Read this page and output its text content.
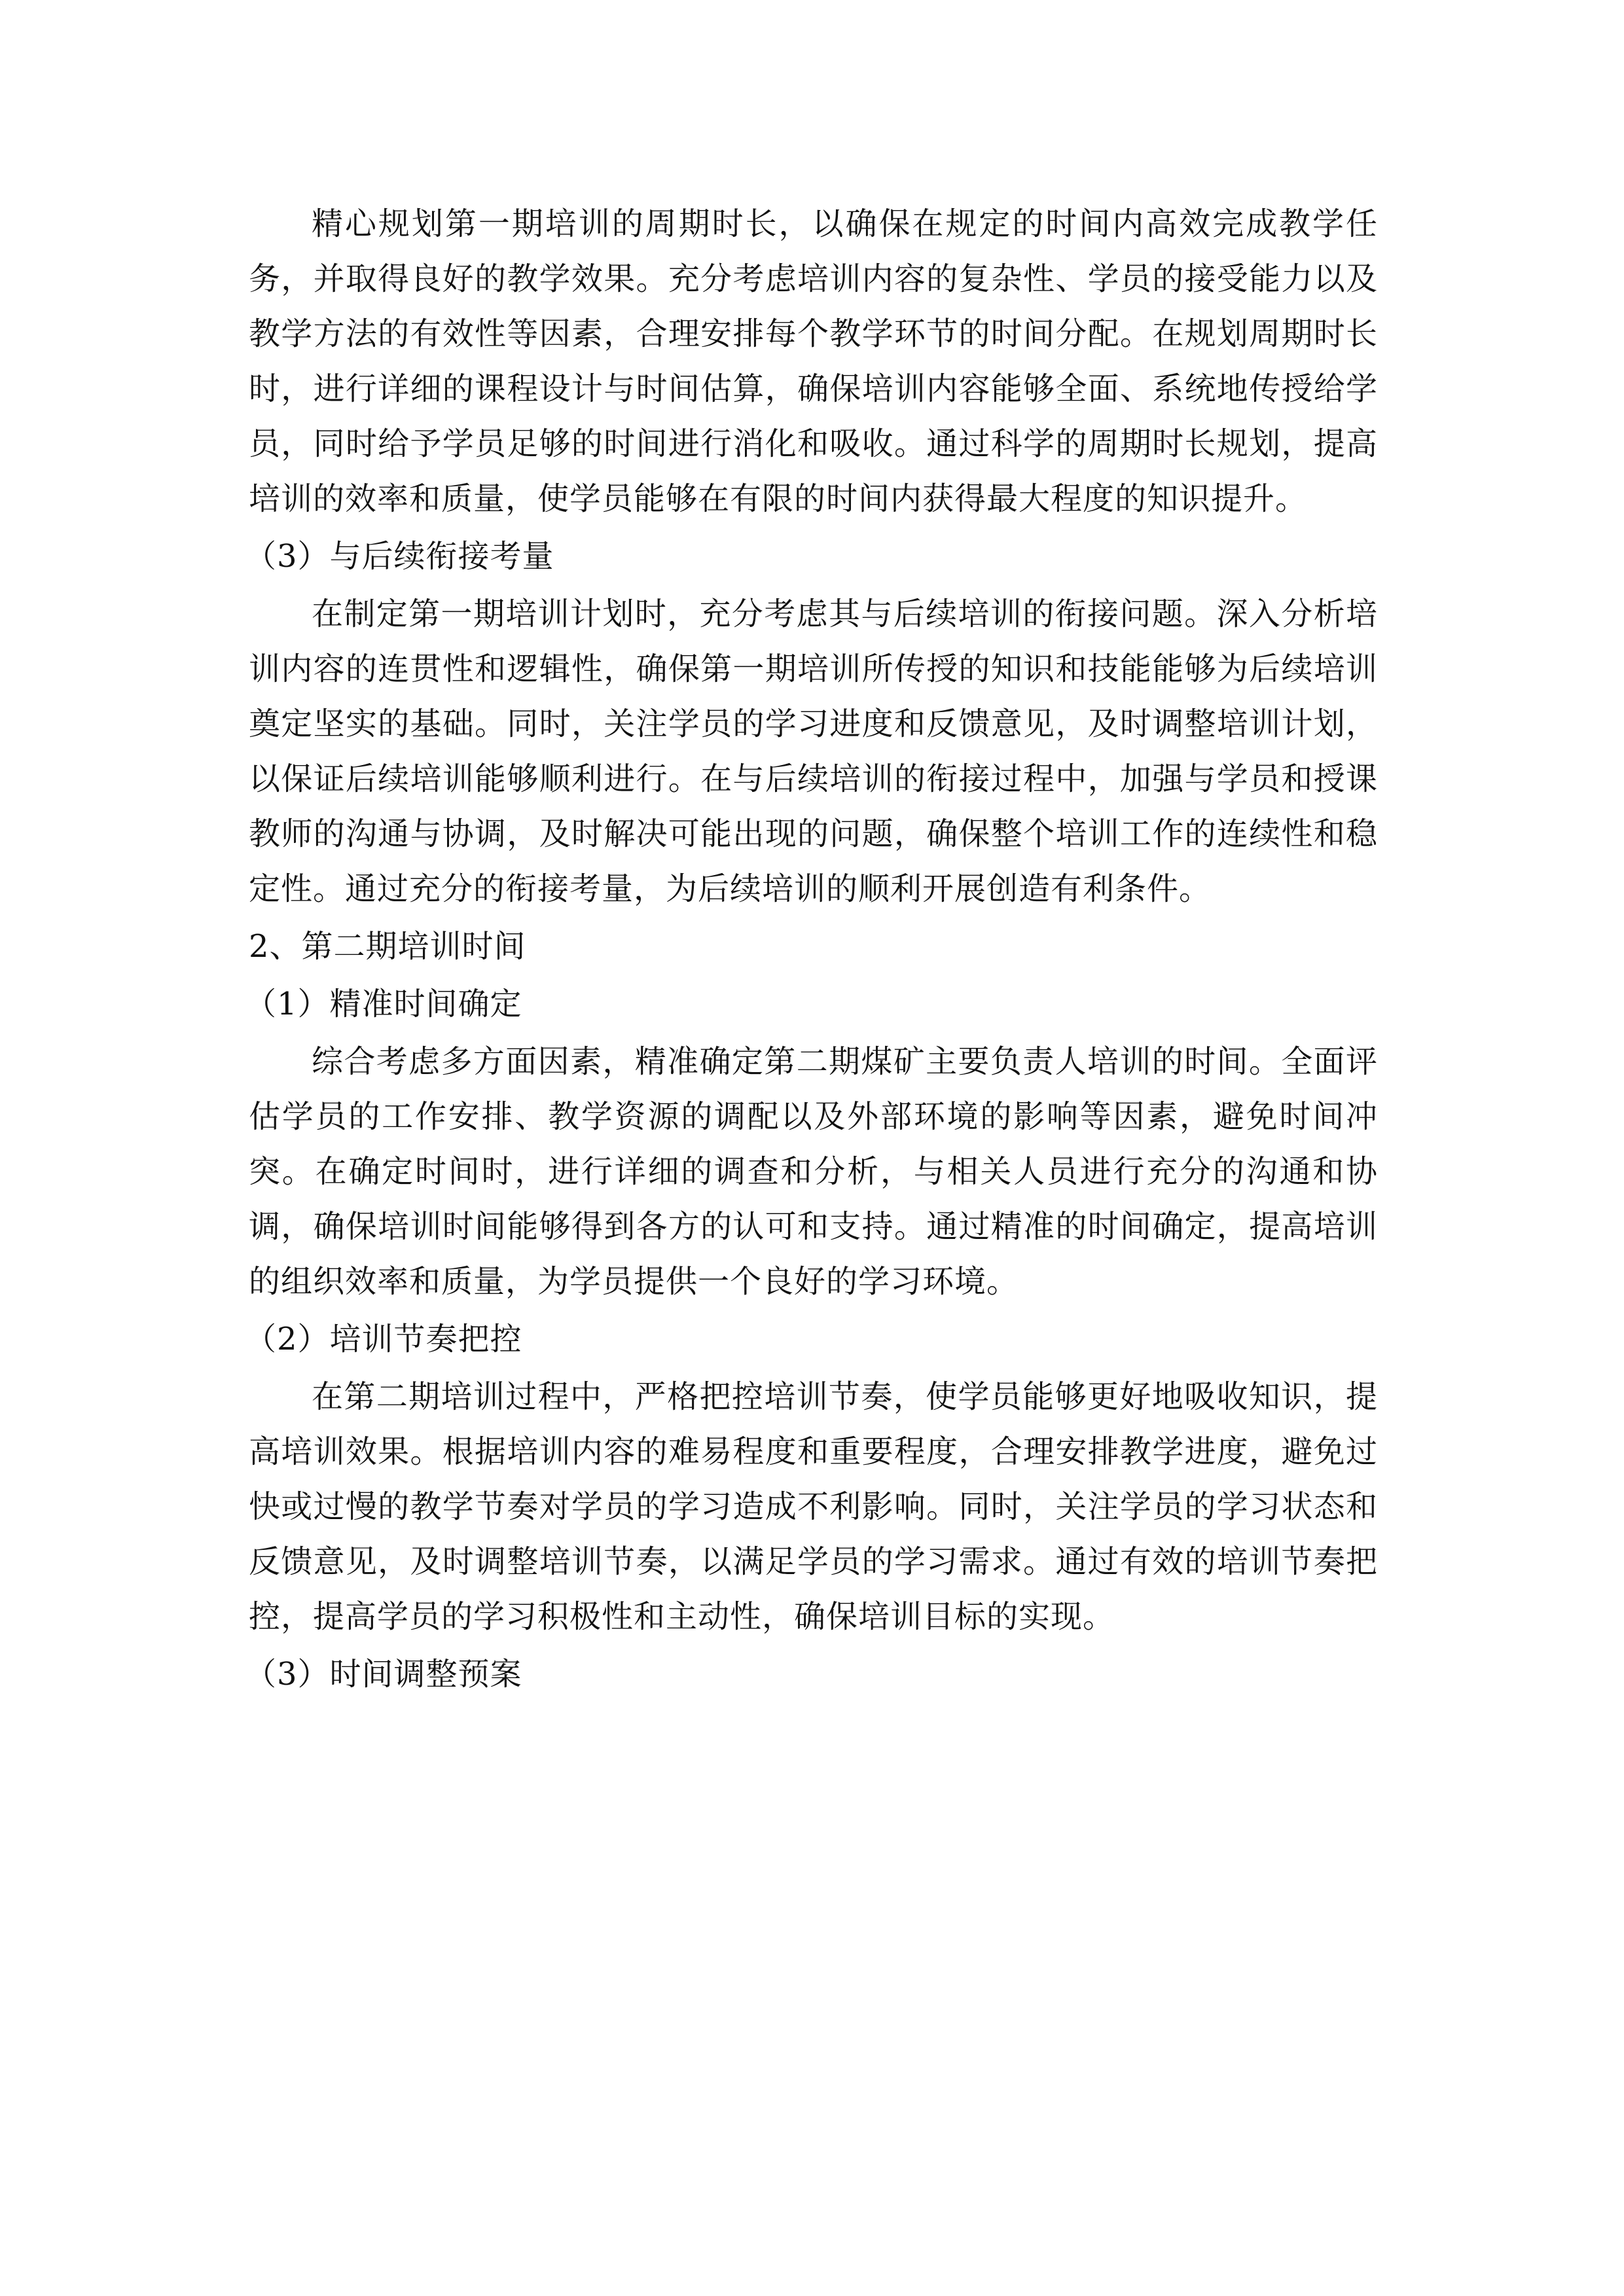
精心规划第一期培训的周期时长，以确保在规定的时间内高效完成教学任务，并取得良好的教学效果。充分考虑培训内容的复杂性、学员的接受能力以及教学方法的有效性等因素，合理安排每个教学环节的时间分配。在规划周期时长时，进行详细的课程设计与时间估算，确保培训内容能够全面、系统地传授给学员，同时给予学员足够的时间进行消化和吸收。通过科学的周期时长规划，提高培训的效率和质量，使学员能够在有限的时间内获得最大程度的知识提升。

（3）与后续衔接考量

在制定第一期培训计划时，充分考虑其与后续培训的衔接问题。深入分析培训内容的连贯性和逻辑性，确保第一期培训所传授的知识和技能能够为后续培训奠定坚实的基础。同时，关注学员的学习进度和反馈意见，及时调整培训计划，以保证后续培训能够顺利进行。在与后续培训的衔接过程中，加强与学员和授课教师的沟通与协调，及时解决可能出现的问题，确保整个培训工作的连续性和稳定性。通过充分的衔接考量，为后续培训的顺利开展创造有利条件。

2、第二期培训时间

（1）精准时间确定

综合考虑多方面因素，精准确定第二期煤矿主要负责人培训的时间。全面评估学员的工作安排、教学资源的调配以及外部环境的影响等因素，避免时间冲突。在确定时间时，进行详细的调查和分析，与相关人员进行充分的沟通和协调，确保培训时间能够得到各方的认可和支持。通过精准的时间确定，提高培训的组织效率和质量，为学员提供一个良好的学习环境。

（2）培训节奏把控

在第二期培训过程中，严格把控培训节奏，使学员能够更好地吸收知识，提高培训效果。根据培训内容的难易程度和重要程度，合理安排教学进度，避免过快或过慢的教学节奏对学员的学习造成不利影响。同时，关注学员的学习状态和反馈意见，及时调整培训节奏，以满足学员的学习需求。通过有效的培训节奏把控，提高学员的学习积极性和主动性，确保培训目标的实现。

（3）时间调整预案
